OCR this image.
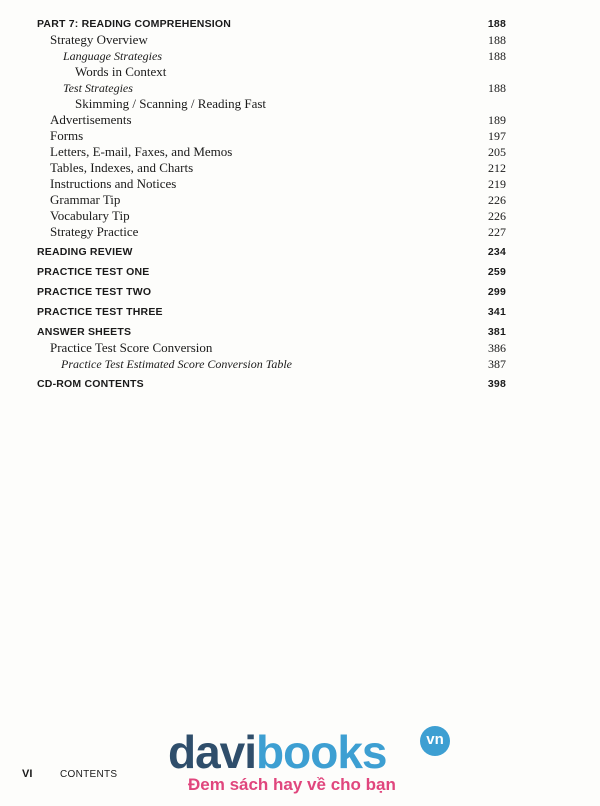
PART 7: READING COMPREHENSION	188
Strategy Overview	188
Language Strategies	188
Words in Context
Test Strategies	188
Skimming / Scanning / Reading Fast
Advertisements	189
Forms	197
Letters, E-mail, Faxes, and Memos	205
Tables, Indexes, and Charts	212
Instructions and Notices	219
Grammar Tip	226
Vocabulary Tip	226
Strategy Practice	227
READING REVIEW	234
PRACTICE TEST ONE	259
PRACTICE TEST TWO	299
PRACTICE TEST THREE	341
ANSWER SHEETS	381
Practice Test Score Conversion	386
Practice Test Estimated Score Conversion Table	387
CD-ROM CONTENTS	398
VI	CONTENTS davibooks	vn
Đem sách hay về cho bạn
